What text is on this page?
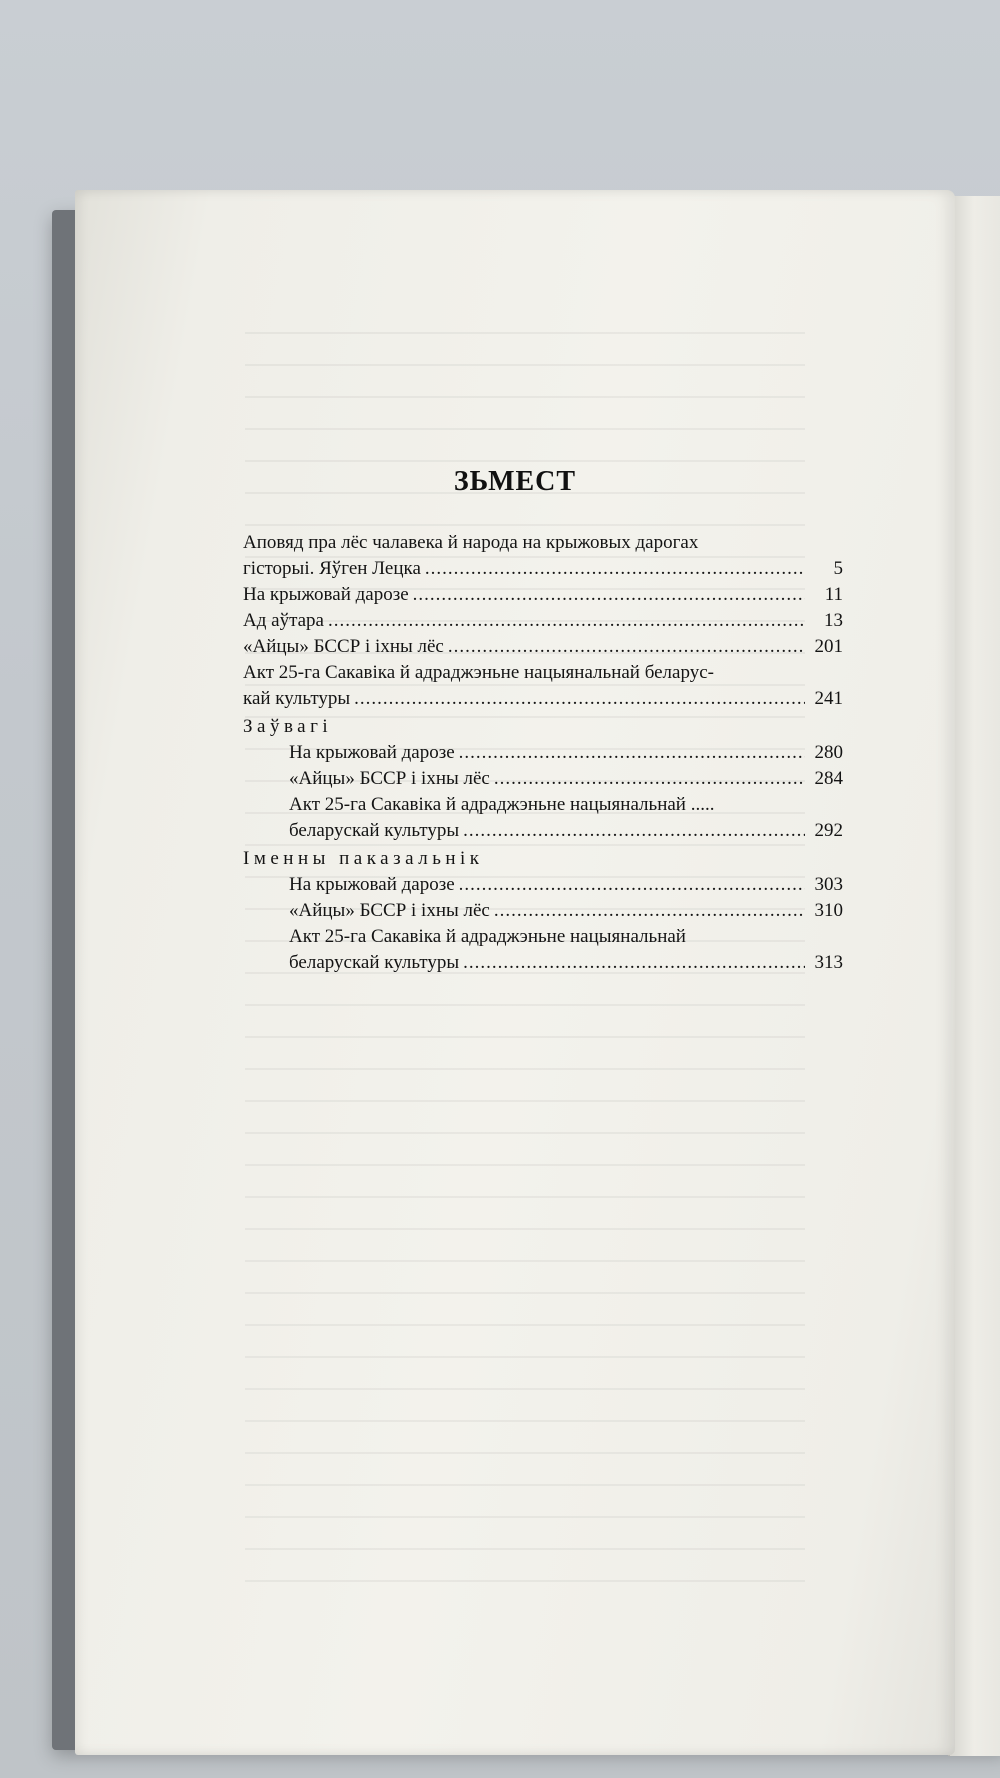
ЗЬМЕСТ
Аповяд пра лёс чалавека й народа на крыжовых дарогах
гісторыі. Яўген Лецка .....	5
На крыжовай дарозе .....	11
Ад аўтара .....	13
«Айцы» БССР і іхны лёс .....	201
Акт 25-га Сакавіка й адраджэньне нацыянальнай беларус-
кай культуры .....	241
Заўвагі
На крыжовай дарозе .....	280
«Айцы» БССР і іхны лёс .....	284
Акт 25-га Сакавіка й адраджэньне нацыянальнай .....
беларускай культуры .....	292
Іменны паказальнік
На крыжовай дарозе .....	303
«Айцы» БССР і іхны лёс .....	310
Акт 25-га Сакавіка й адраджэньне нацыянальнай
беларускай культуры .....	313
